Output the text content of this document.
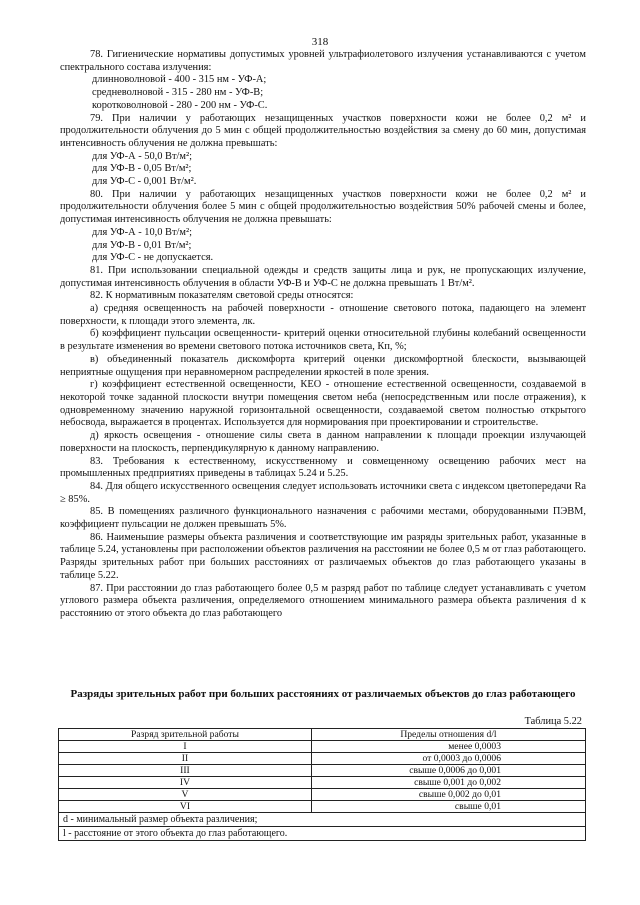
318
78. Гигиенические нормативы допустимых уровней ультрафиолетового излучения устанавливаются с учетом спектрального состава излучения:
длинноволновой - 400 - 315 нм - УФ-А;
средневолновой - 315 - 280 нм - УФ-В;
коротковолновой - 280 - 200 нм - УФ-С.
79. При наличии у работающих незащищенных участков поверхности кожи не более 0,2 м² и продолжительности облучения до 5 мин с общей продолжительностью воздействия за смену до 60 мин, допустимая интенсивность облучения не должна превышать:
для УФ-А - 50,0 Вт/м²;
для УФ-В - 0,05 Вт/м²;
для УФ-С - 0,001 Вт/м².
80. При наличии у работающих незащищенных участков поверхности кожи не более 0,2 м² и продолжительности облучения более 5 мин с общей продолжительностью воздействия 50% рабочей смены и более, допустимая интенсивность облучения не должна превышать:
для УФ-А - 10,0 Вт/м²;
для УФ-В - 0,01 Вт/м²;
для УФ-С - не допускается.
81. При использовании специальной одежды и средств защиты лица и рук, не пропускающих излучение, допустимая интенсивность облучения в области УФ-В и УФ-С не должна превышать 1 Вт/м².
82. К нормативным показателям световой среды относятся:
а) средняя освещенность на рабочей поверхности - отношение светового потока, падающего на элемент поверхности, к площади этого элемента, лк.
б) коэффициент пульсации освещенности- критерий оценки относительной глубины колебаний освещенности в результате изменения во времени светового потока источников света, Кп, %;
в) объединенный показатель дискомфорта критерий оценки дискомфортной блескости, вызывающей неприятные ощущения при неравномерном распределении яркостей в поле зрения.
г) коэффициент естественной освещенности, КЕО - отношение естественной освещенности, создаваемой в некоторой точке заданной плоскости внутри помещения светом неба (непосредственным или после отражения), к одновременному значению наружной горизонтальной освещенности, создаваемой светом полностью открытого небосвода, выражается в процентах. Используется для нормирования при проектировании и строительстве.
д) яркость освещения - отношение силы света в данном направлении к площади проекции излучающей поверхности на плоскость, перпендикулярную к данному направлению.
83. Требования к естественному, искусственному и совмещенному освещению рабочих мест на промышленных предприятиях приведены в таблицах 5.24 и 5.25.
84. Для общего искусственного освещения следует использовать источники света с индексом цветопередачи Ra ≥ 85%.
85. В помещениях различного функционального назначения с рабочими местами, оборудованными ПЭВМ, коэффициент пульсации не должен превышать 5%.
86. Наименьшие размеры объекта различения и соответствующие им разряды зрительных работ, указанные в таблице 5.24, установлены при расположении объектов различения на расстоянии не более 0,5 м от глаз работающего. Разряды зрительных работ при больших расстояниях от различаемых объектов до глаз работающего указаны в таблице 5.22.
87. При расстоянии до глаз работающего более 0,5 м разряд работ по таблице следует устанавливать с учетом углового размера объекта различения, определяемого отношением минимального размера объекта различения d к расстоянию от этого объекта до глаз работающего
Разряды зрительных работ при больших расстояниях от различаемых объектов до глаз работающего
Таблица 5.22
Разряд зрительной работы	Пределы отношения d/l
I	менее 0,0003
II	от 0,0003 до 0,0006
III	свыше 0,0006 до 0,001
IV	свыше 0,001 до 0,002
V	свыше 0,002 до 0,01
VI	свыше 0,01
d - минимальный размер объекта различения;	
l - расстояние от этого объекта до глаз работающего.	
